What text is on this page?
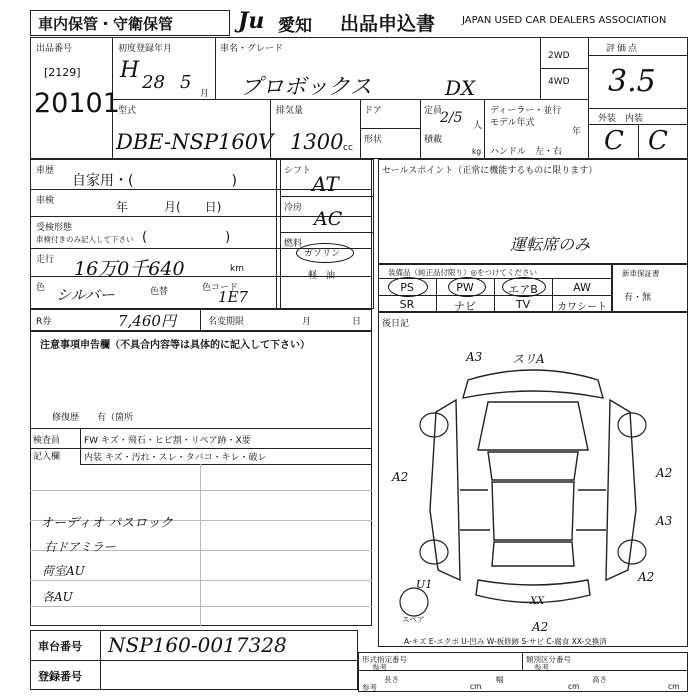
車内保管・守衛保管	Ju 愛知 出品申込書	JAPAN USED CAR DEALERS ASSOCIATION
出品番号
[2129]
20101
初度登録年月
H 28 5
月
車名・グレード
プロボックス	DX
2WD
4WD
評価点
3.5
外装　内装
C C
型式
DBE-NSP160V
排気量
1300 cc
ドア
形状
定員
2/5 人
積載
kg
ディーラー・並行
モデル年式
年
ハンドル　左・右
車歴
自家用・(　　　　　　　)
車検	年　　　月(　　日)
受検形態
車検付きのみ記入して下さい (　　　　　　)
走行 16万0千640	km
色 シルバー	色替	色コード
1E7
R券	7,460円	名変期限	月	日
注意事項申告欄（不具合内容等は具体的に記入して下さい）
修復歴　　有（箇所
検査員
記入欄
FW キズ・飛石・ヒビ割・リペア跡・X要
内装 キズ・汚れ・スレ・タバコ・キレ・破レ
オーディオ パスロック
右ドアミラー
荷室AU
各AU
シフト
AT
冷房 AC
燃料
ガソリン
軽　油
セールスポイント（正常に機能するものに限ります）
運転席のみ
装備品（純正品付限り）◎をつけてください
PS	PW	エアB	AW
SR	ナビ	TV	カワシート
新車保証書
有・無
後日記
A3 スリA
A2	A2
A3
A2
A2
U1
XX
スペア
A-キズ E-エクボ U-凹み W-板修跡 S-サビ C-腐食 XX-交換済
車台番号 NSP160-0017328
登録番号
形式指定番号
参考
類別区分番号
参考
参考
長さ
cm
幅
cm
高さ
cm
